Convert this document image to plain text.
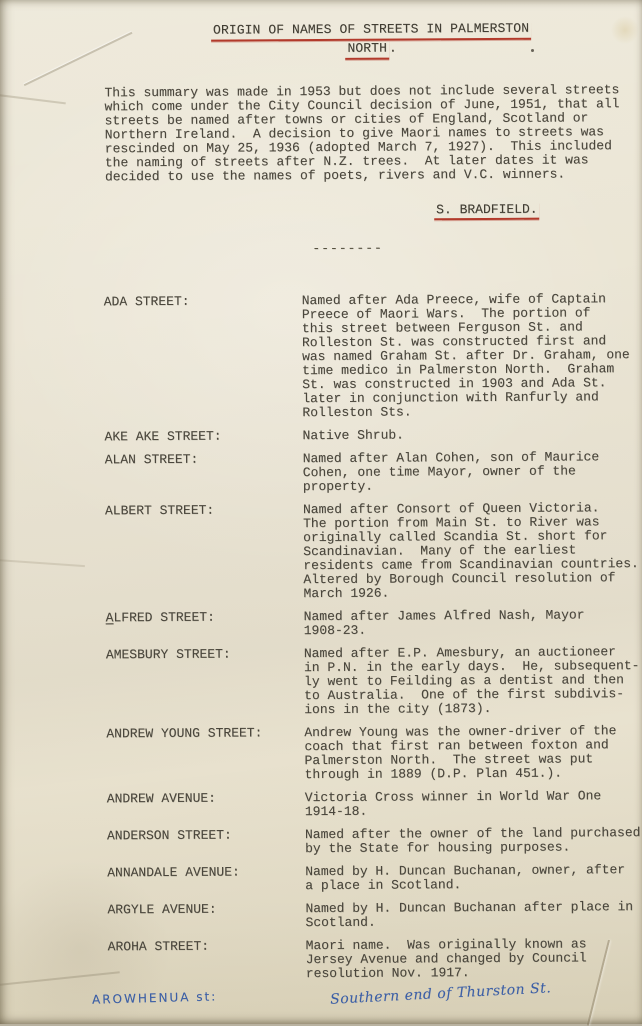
ORIGIN OF NAMES OF STREETS IN PALMERSTON
NORTH .
This summary was made in 1953 but does not include several streets
which come under the City Council decision of June, 1951, that all
streets be named after towns or cities of England, Scotland or
Northern Ireland.  A decision to give Maori names to streets was
rescinded on May 25, 1936 (adopted March 7, 1927).  This included
the naming of streets after N.Z. trees.  At later dates it was
decided to use the names of poets, rivers and V.C. winners.
S. BRADFIELD.
--------
ADA STREET:	Named after Ada Preece, wife of Captain
Preece of Maori Wars.  The portion of
this street between Ferguson St. and
Rolleston St. was constructed first and
was named Graham St. after Dr. Graham, one
time medico in Palmerston North.  Graham
St. was constructed in 1903 and Ada St.
later in conjunction with Ranfurly and
Rolleston Sts.
AKE AKE STREET:	Native Shrub.
ALAN STREET:	Named after Alan Cohen, son of Maurice
Cohen, one time Mayor, owner of the
property.
ALBERT STREET:	Named after Consort of Queen Victoria.
The portion from Main St. to River was
originally called Scandia St. short for
Scandinavian.  Many of the earliest
residents came from Scandinavian countries.
Altered by Borough Council resolution of
March 1926.
ALFRED STREET:	Named after James Alfred Nash, Mayor
1908-23.
AMESBURY STREET:	Named after E.P. Amesbury, an auctioneer
in P.N. in the early days.  He, subsequent-
ly went to Feilding as a dentist and then
to Australia.  One of the first subdivis-
ions in the city (1873).
ANDREW YOUNG STREET:	Andrew Young was the owner-driver of the
coach that first ran between foxton and
Palmerston North.  The street was put
through in 1889 (D.P. Plan 451.).
ANDREW AVENUE:	Victoria Cross winner in World War One
1914-18.
ANDERSON STREET:	Named after the owner of the land purchased
by the State for housing purposes.
ANNANDALE AVENUE:	Named by H. Duncan Buchanan, owner, after
a place in Scotland.
ARGYLE AVENUE:	Named by H. Duncan Buchanan after place in
Scotland.
AROHA STREET:	Maori name.  Was originally known as
Jersey Avenue and changed by Council
resolution Nov. 1917.
AROWHENUA st:	Southern end of Thurston St.
